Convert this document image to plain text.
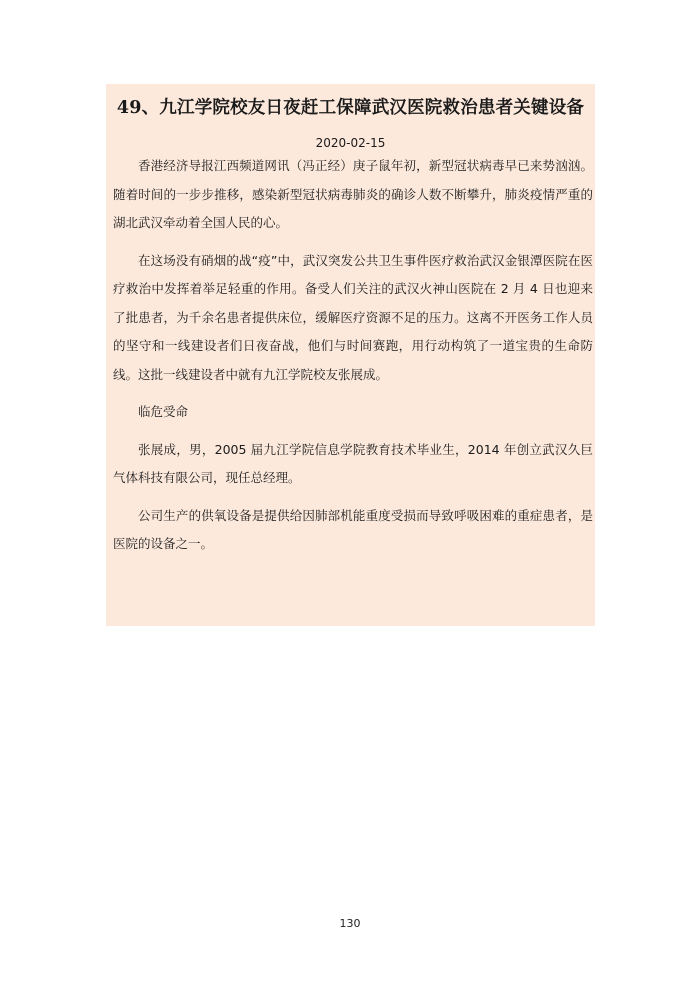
49、九江学院校友日夜赶工保障武汉医院救治患者关键设备
2020-02-15

香港经济导报江西频道网讯（冯正经）庚子鼠年初，新型冠状病毒早已来势汹汹。随着时间的一步步推移，感染新型冠状病毒肺炎的确诊人数不断攀升，肺炎疫情严重的湖北武汉牵动着全国人民的心。

在这场没有硝烟的战“疫”中，武汉突发公共卫生事件医疗救治武汉金银潭医院在医疗救治中发挥着举足轻重的作用。备受人们关注的武汉火神山医院在 2 月 4 日也迎来了批患者，为千余名患者提供床位，缓解医疗资源不足的压力。这离不开医务工作人员的坚守和一线建设者们日夜奋战，他们与时间赛跑，用行动构筑了一道宝贵的生命防线。这批一线建设者中就有九江学院校友张展成。

临危受命

张展成，男，2005 届九江学院信息学院教育技术毕业生，2014 年创立武汉久巨气体科技有限公司，现任总经理。

公司生产的供氧设备是提供给因肺部机能重度受损而导致呼吸困难的重症患者，是医院的设备之一。

130
